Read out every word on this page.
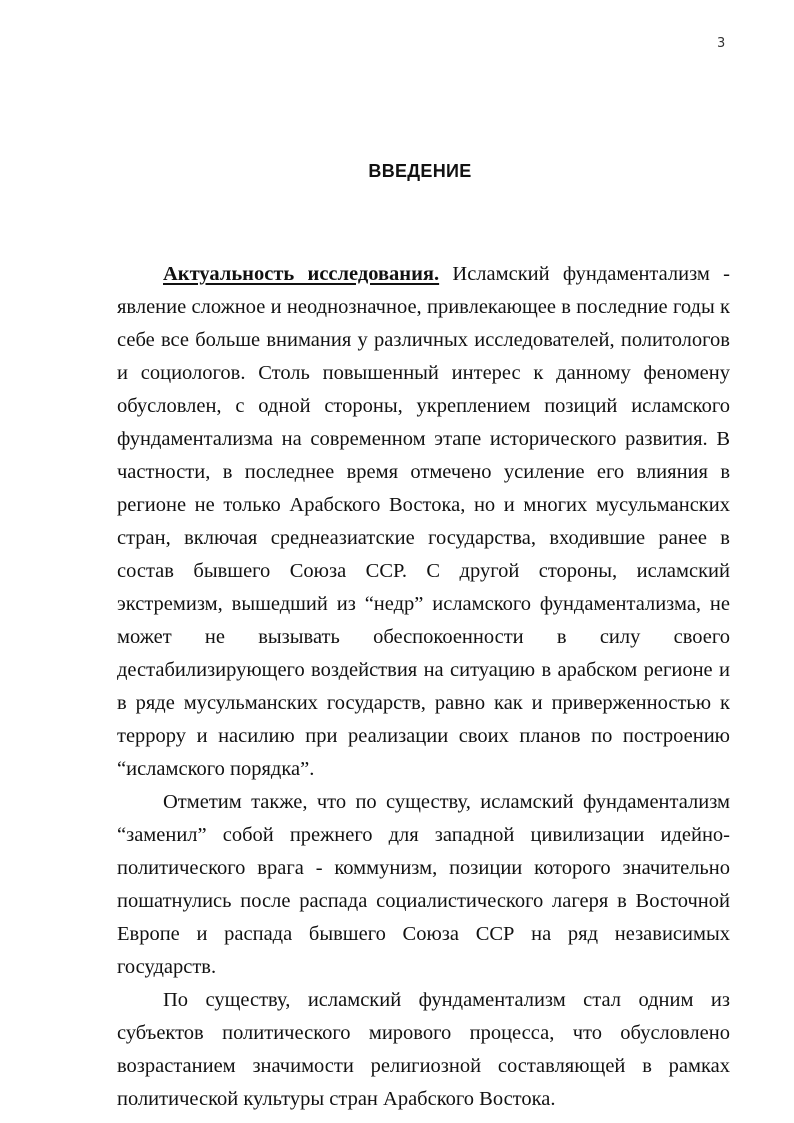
3
ВВЕДЕНИЕ

Актуальность исследования. Исламский фундаментализм - явление сложное и неоднозначное, привлекающее в последние годы к себе все больше внимания у различных исследователей, политологов и социологов. Столь повышенный интерес к данному феномену обусловлен, с одной стороны, укреплением позиций исламского фундаментализма на современном этапе исторического развития. В частности, в последнее время отмечено усиление его влияния в регионе не только Арабского Востока, но и многих мусульманских стран, включая среднеазиатские государства, входившие ранее в состав бывшего Союза ССР. С другой стороны, исламский экстремизм, вышедший из “недр” исламского фундаментализма, не может не вызывать обеспокоенности в силу своего дестабилизирующего воздействия на ситуацию в арабском регионе и в ряде мусульманских государств, равно как и приверженностью к террору и насилию при реализации своих планов по построению “исламского порядка”.

Отметим также, что по существу, исламский фундаментализм “заменил” собой прежнего для западной цивилизации идейно-политического врага - коммунизм, позиции которого значительно пошатнулись после распада социалистического лагеря в Восточной Европе и распада бывшего Союза ССР на ряд независимых государств.

По существу, исламский фундаментализм стал одним из субъектов политического мирового процесса, что обусловлено возрастанием значимости религиозной составляющей в рамках политической культуры стран Арабского Востока.
